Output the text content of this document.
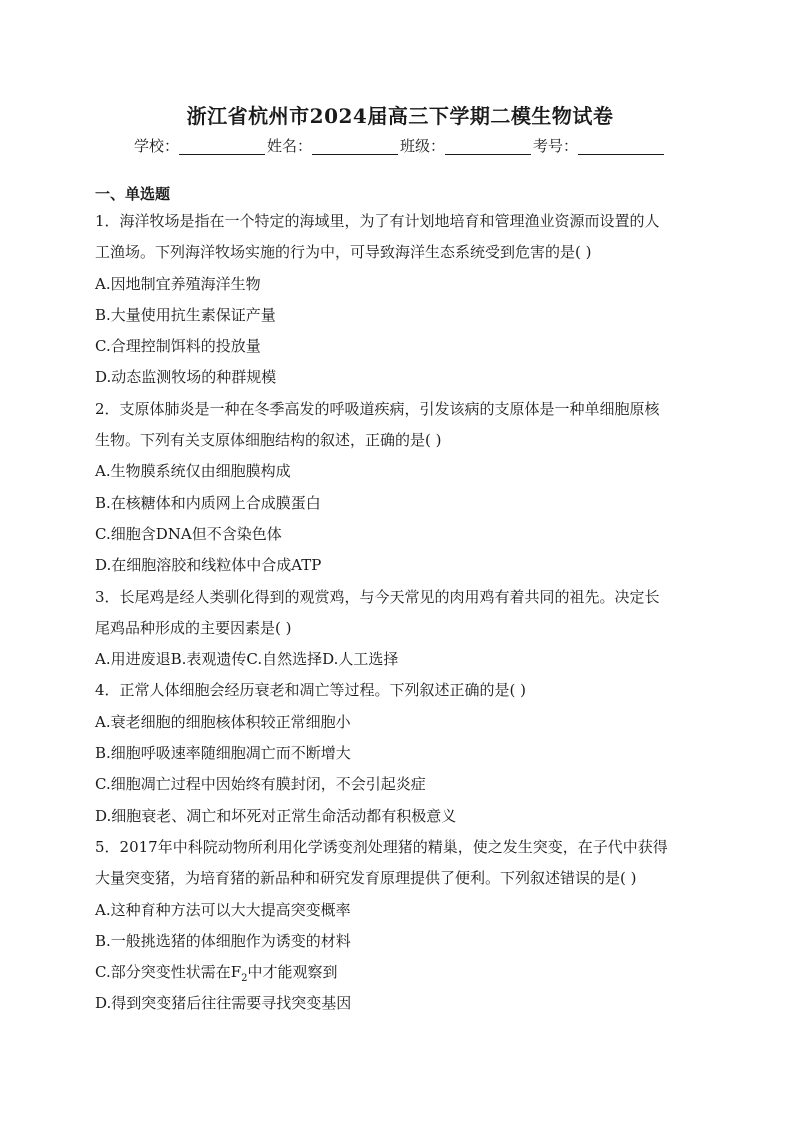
浙江省杭州市2024届高三下学期二模生物试卷
学校：	姓名：	班级：	考号：
一、单选题
1．海洋牧场是指在一个特定的海域里，为了有计划地培育和管理渔业资源而设置的人
工渔场。下列海洋牧场实施的行为中，可导致海洋生态系统受到危害的是( )
A.因地制宜养殖海洋生物
B.大量使用抗生素保证产量
C.合理控制饵料的投放量
D.动态监测牧场的种群规模
2．支原体肺炎是一种在冬季高发的呼吸道疾病，引发该病的支原体是一种单细胞原核
生物。下列有关支原体细胞结构的叙述，正确的是( )
A.生物膜系统仅由细胞膜构成
B.在核糖体和内质网上合成膜蛋白
C.细胞含DNA但不含染色体
D.在细胞溶胶和线粒体中合成ATP
3．长尾鸡是经人类驯化得到的观赏鸡，与今天常见的肉用鸡有着共同的祖先。决定长
尾鸡品种形成的主要因素是( )
A.用进废退B.表观遗传C.自然选择D.人工选择
4．正常人体细胞会经历衰老和凋亡等过程。下列叙述正确的是( )
A.衰老细胞的细胞核体积较正常细胞小
B.细胞呼吸速率随细胞凋亡而不断增大
C.细胞凋亡过程中因始终有膜封闭，不会引起炎症
D.细胞衰老、凋亡和坏死对正常生命活动都有积极意义
5．2017年中科院动物所利用化学诱变剂处理猪的精巢，使之发生突变，在子代中获得
大量突变猪，为培育猪的新品种和研究发育原理提供了便利。下列叙述错误的是( )
A.这种育种方法可以大大提高突变概率
B.一般挑选猪的体细胞作为诱变的材料
C.部分突变性状需在$F_2$中才能观察到
D.得到突变猪后往往需要寻找突变基因
